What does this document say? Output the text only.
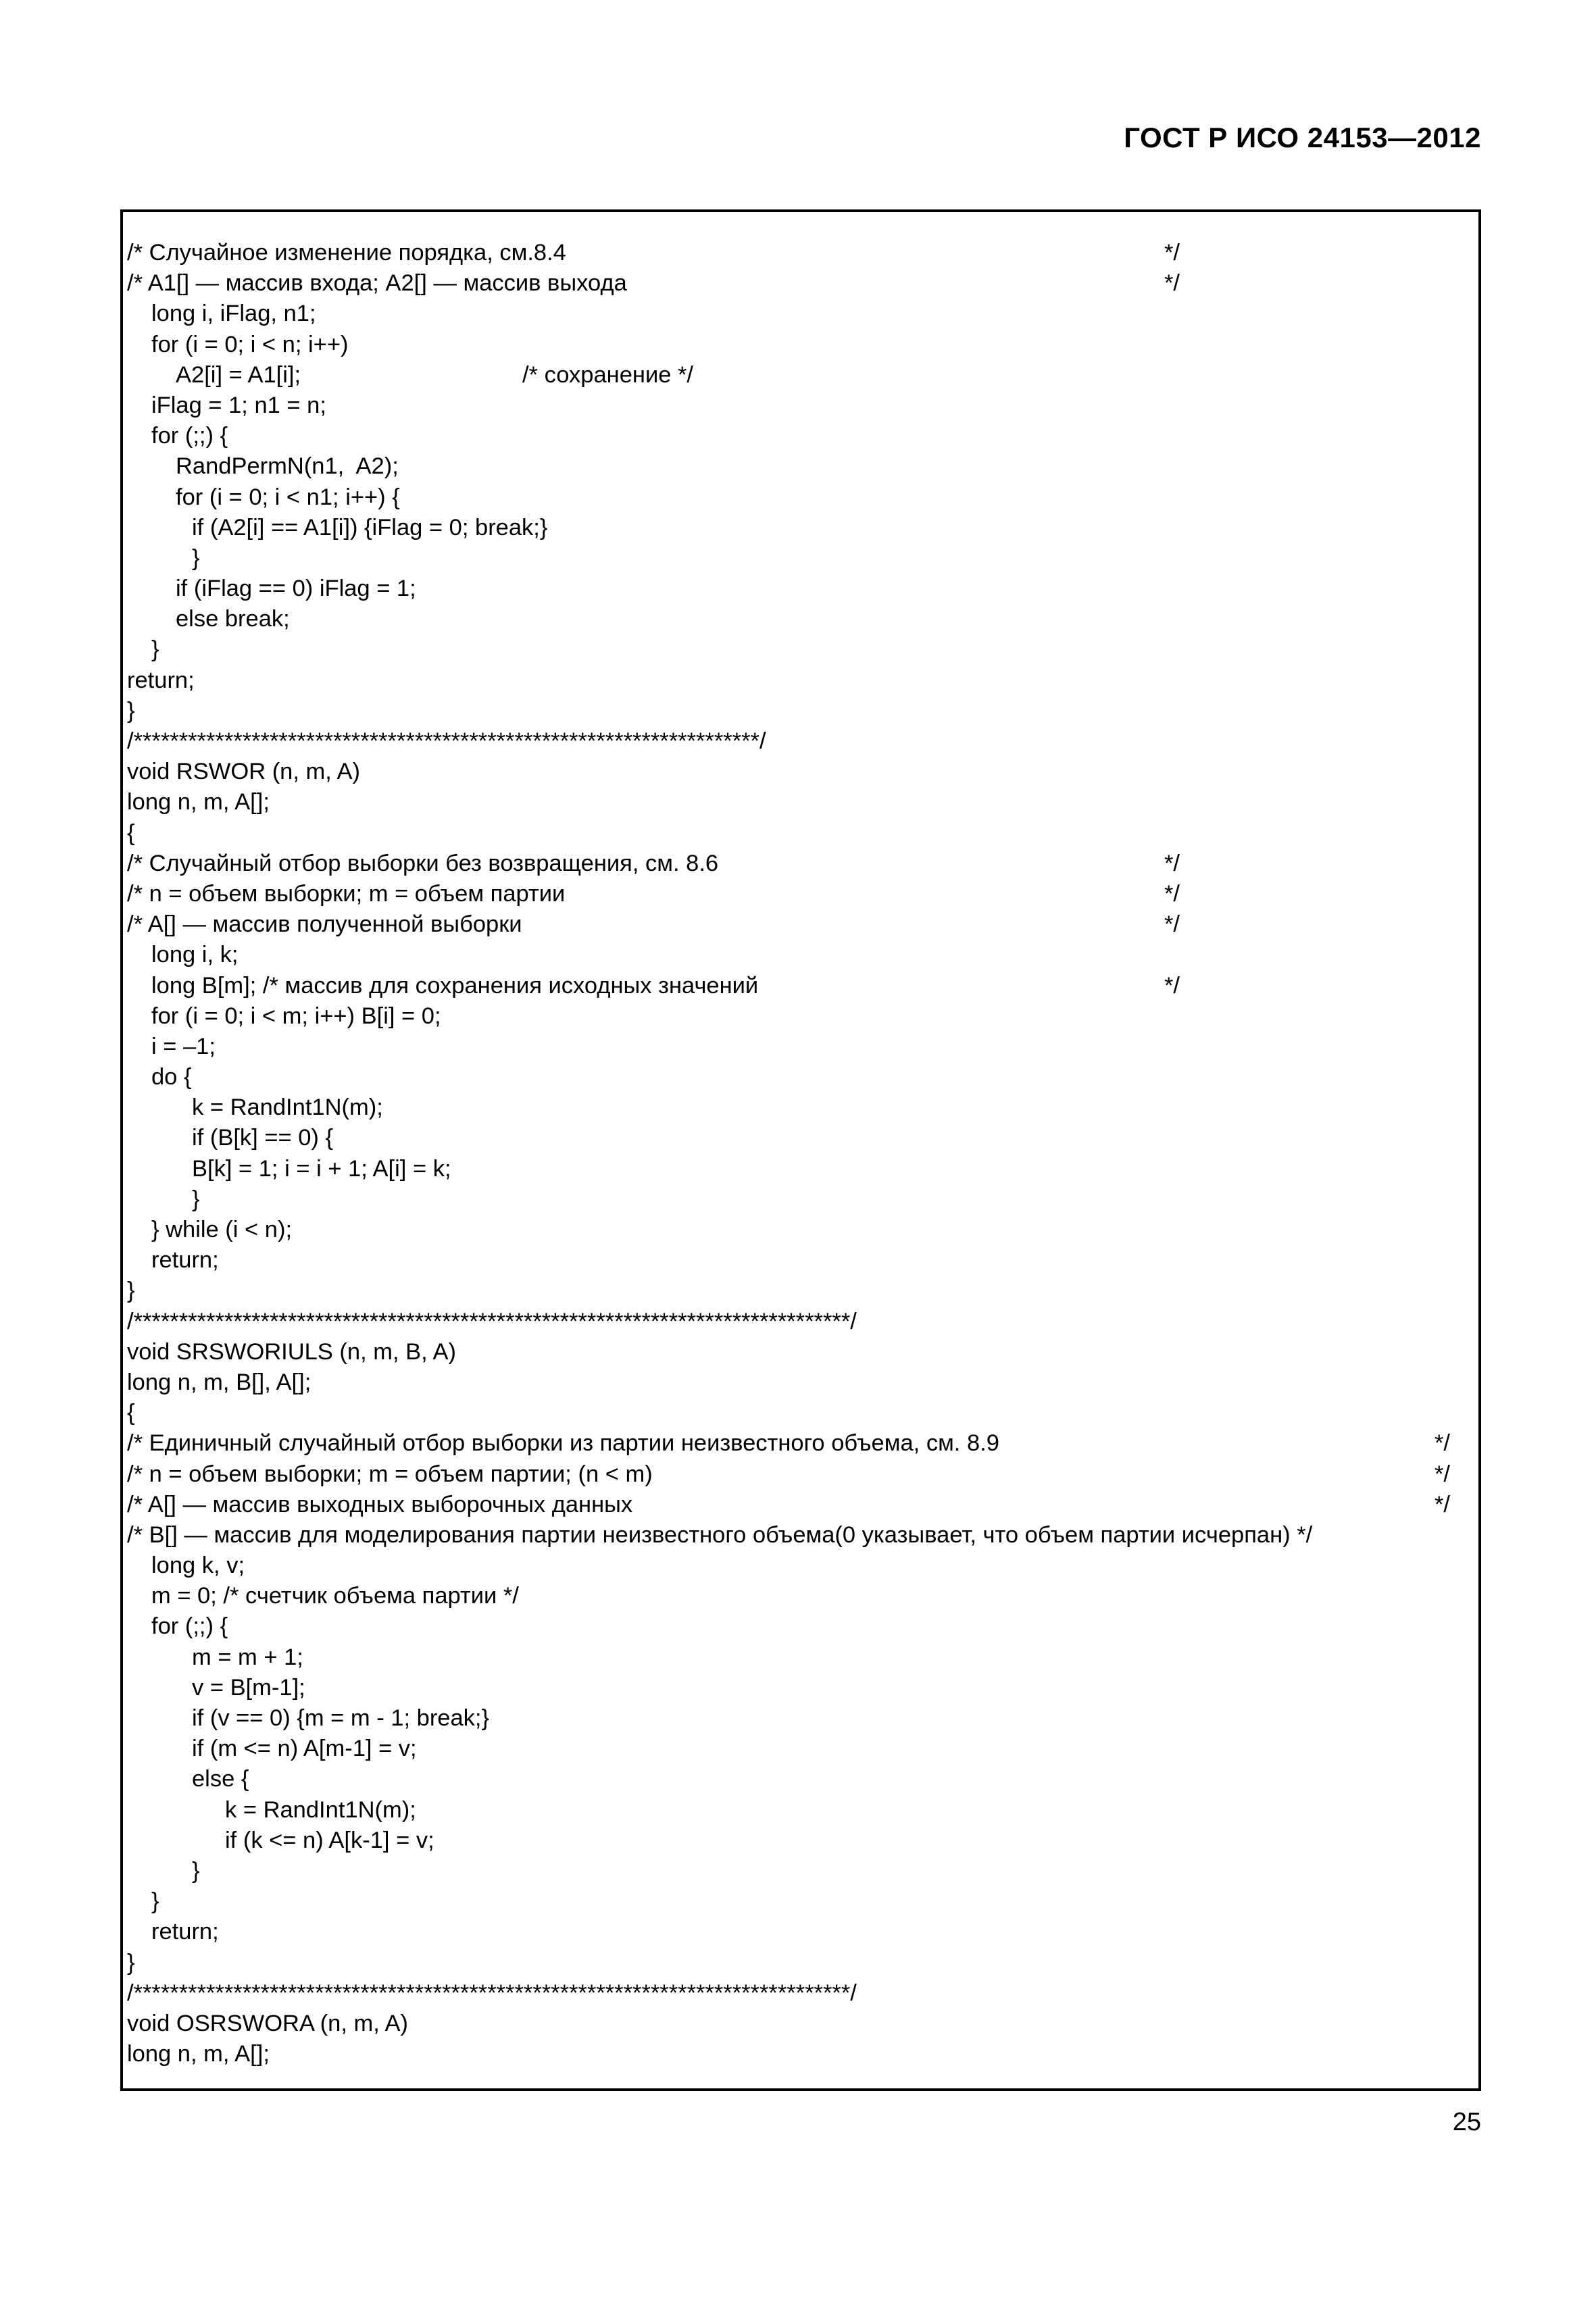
ГОСТ Р ИСО 24153—2012
/* Случайное изменение порядка, см.8.4	*/
/* A1[] — массив входа; A2[] — массив выхода	*/
long i, iFlag, n1;
for (i = 0; i < n; i++)
A2[i] = A1[i];	/* сохранение */
iFlag = 1; n1 = n;
for (;;) {
RandPermN(n1,  A2);
for (i = 0; i < n1; i++) {
if (A2[i] == A1[i]) {iFlag = 0; break;}
}
if (iFlag == 0) iFlag = 1;
else break;
}
return;
}
/*********************************************************************/
void RSWOR (n, m, A)
long n, m, A[];
{
/* Случайный отбор выборки без возвращения, см. 8.6	*/
/* n = объем выборки; m = объем партии	*/
/* A[] — массив полученной выборки	*/
long i, k;
long B[m]; /* массив для сохранения исходных значений	*/
for (i = 0; i < m; i++) B[i] = 0;
i = –1;
do {
k = RandInt1N(m);
if (B[k] == 0) {
B[k] = 1; i = i + 1; A[i] = k;
}
} while (i < n);
return;
}
/*******************************************************************************/
void SRSWORIULS (n, m, B, A)
long n, m, B[], A[];
{
/* Единичный случайный отбор выборки из партии неизвестного объема, см. 8.9	*/
/* n = объем выборки; m = объем партии; (n < m)	*/
/* A[] — массив выходных выборочных данных	*/
/* B[] — массив для моделирования партии неизвестного объема(0 указывает, что объем партии исчерпан) */
long k, v;
m = 0; /* счетчик объема партии */
for (;;) {
m = m + 1;
v = B[m-1];
if (v == 0) {m = m - 1; break;}
if (m <= n) A[m-1] = v;
else {
k = RandInt1N(m);
if (k <= n) A[k-1] = v;
}
}
return;
}
/*******************************************************************************/
void OSRSWORA (n, m, A)
long n, m, A[];
25
